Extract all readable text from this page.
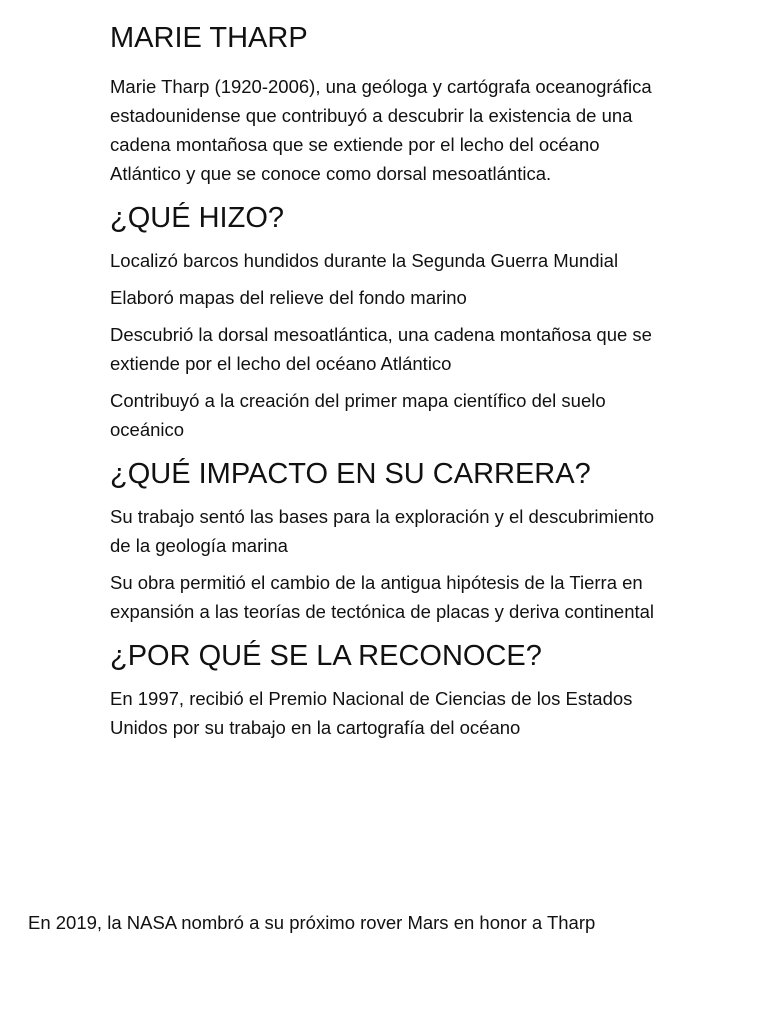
MARIE THARP

Marie Tharp (1920-2006), una geóloga y cartógrafa oceanográfica estadounidense que contribuyó a descubrir la existencia de una cadena montañosa que se extiende por el lecho del océano Atlántico y que se conoce como dorsal mesoatlántica.

¿QUÉ HIZO?

Localizó barcos hundidos durante la Segunda Guerra Mundial

Elaboró mapas del relieve del fondo marino

Descubrió la dorsal mesoatlántica, una cadena montañosa que se extiende por el lecho del océano Atlántico

Contribuyó a la creación del primer mapa científico del suelo oceánico

¿QUÉ IMPACTO EN SU CARRERA?

Su trabajo sentó las bases para la exploración y el descubrimiento de la geología marina

Su obra permitió el cambio de la antigua hipótesis de la Tierra en expansión a las teorías de tectónica de placas y deriva continental

¿POR QUÉ SE LA RECONOCE?

En 1997, recibió el Premio Nacional de Ciencias de los Estados Unidos por su trabajo en la cartografía del océano

En 2019, la NASA nombró a su próximo rover Mars en honor a Tharp
